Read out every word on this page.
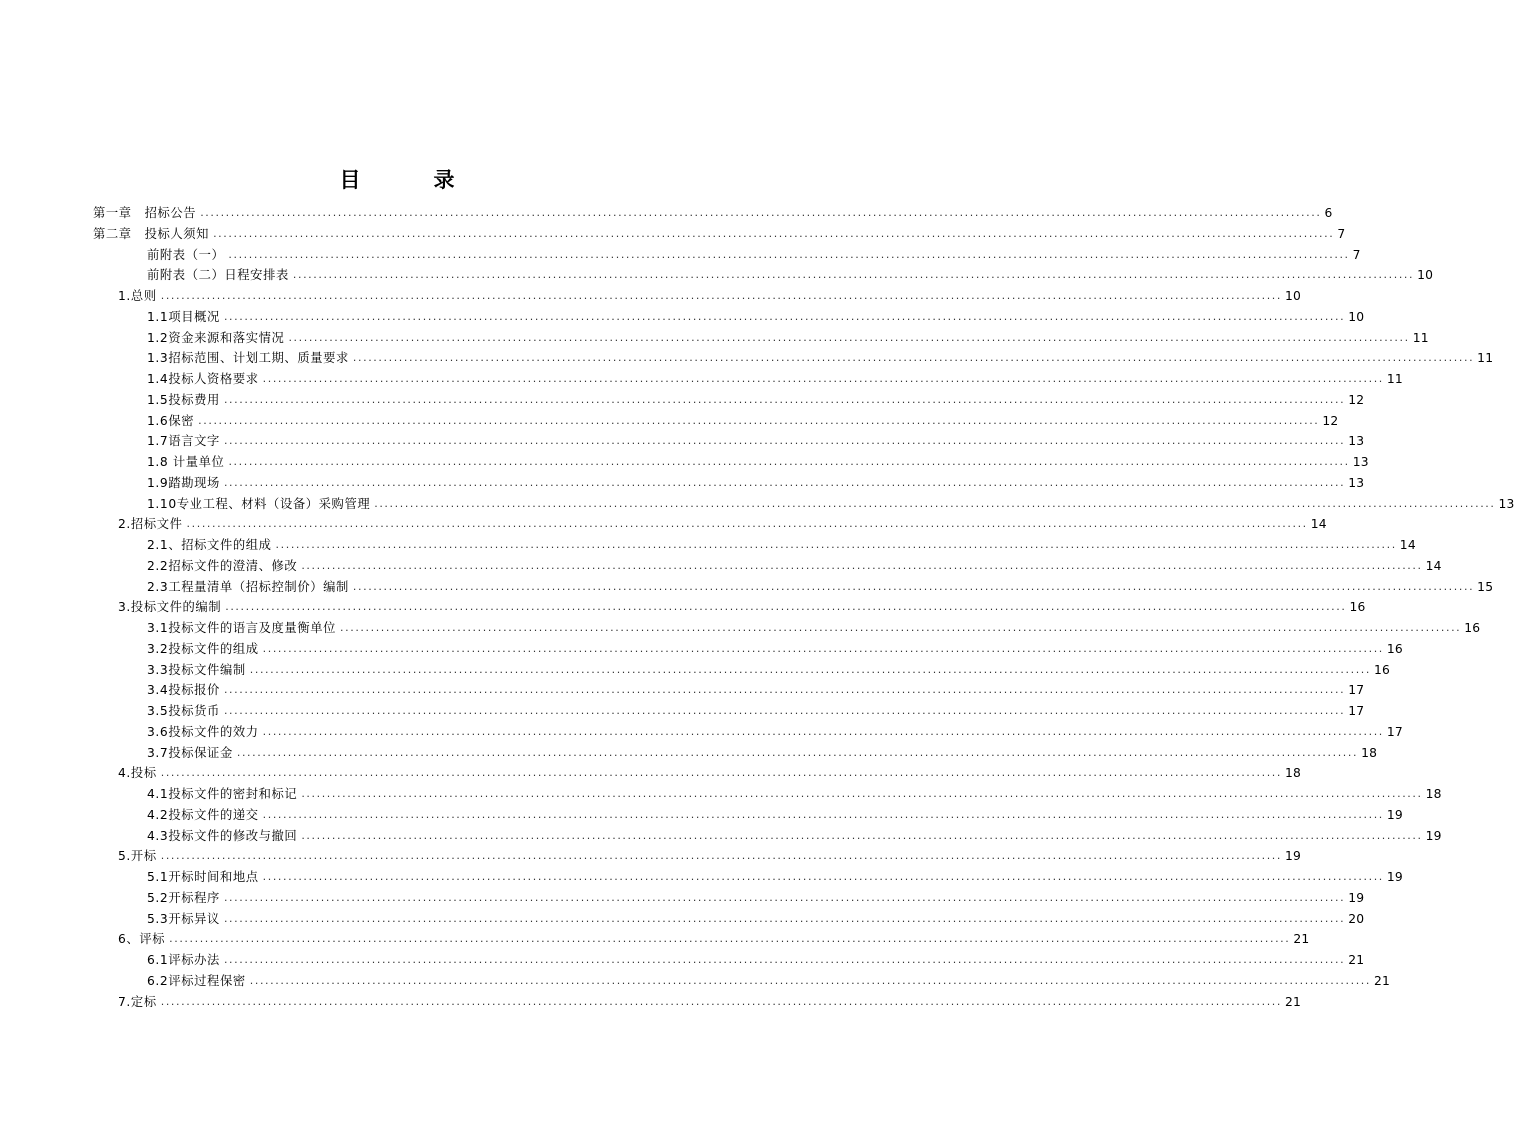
目　录
第一章　招标公告 ............................................................................................................................................................................................................................ 6
第二章　投标人须知 ............................................................................................................................................................................................................................ 7
前附表（一） ............................................................................................................................................................................................................................ 7
前附表（二）日程安排表 ............................................................................................................................................................................................................................ 10
1.总则 ............................................................................................................................................................................................................................ 10
1.1项目概况 ............................................................................................................................................................................................................................ 10
1.2资金来源和落实情况 ............................................................................................................................................................................................................................ 11
1.3招标范围、计划工期、质量要求 ............................................................................................................................................................................................................................ 11
1.4投标人资格要求 ............................................................................................................................................................................................................................ 11
1.5投标费用 ............................................................................................................................................................................................................................ 12
1.6保密 ............................................................................................................................................................................................................................ 12
1.7语言文字 ............................................................................................................................................................................................................................ 13
1.8 计量单位 ............................................................................................................................................................................................................................ 13
1.9踏勘现场 ............................................................................................................................................................................................................................ 13
1.10专业工程、材料（设备）采购管理 ............................................................................................................................................................................................................................ 13
2.招标文件 ............................................................................................................................................................................................................................ 14
2.1、招标文件的组成 ............................................................................................................................................................................................................................ 14
2.2招标文件的澄清、修改 ............................................................................................................................................................................................................................ 14
2.3工程量清单（招标控制价）编制 ............................................................................................................................................................................................................................ 15
3.投标文件的编制 ............................................................................................................................................................................................................................ 16
3.1投标文件的语言及度量衡单位 ............................................................................................................................................................................................................................ 16
3.2投标文件的组成 ............................................................................................................................................................................................................................ 16
3.3投标文件编制 ............................................................................................................................................................................................................................ 16
3.4投标报价 ............................................................................................................................................................................................................................ 17
3.5投标货币 ............................................................................................................................................................................................................................ 17
3.6投标文件的效力 ............................................................................................................................................................................................................................ 17
3.7投标保证金 ............................................................................................................................................................................................................................ 18
4.投标 ............................................................................................................................................................................................................................ 18
4.1投标文件的密封和标记 ............................................................................................................................................................................................................................ 18
4.2投标文件的递交 ............................................................................................................................................................................................................................ 19
4.3投标文件的修改与撤回 ............................................................................................................................................................................................................................ 19
5.开标 ............................................................................................................................................................................................................................ 19
5.1开标时间和地点 ............................................................................................................................................................................................................................ 19
5.2开标程序 ............................................................................................................................................................................................................................ 19
5.3开标异议 ............................................................................................................................................................................................................................ 20
6、评标 ............................................................................................................................................................................................................................ 21
6.1评标办法 ............................................................................................................................................................................................................................ 21
6.2评标过程保密 ............................................................................................................................................................................................................................ 21
7.定标 ............................................................................................................................................................................................................................ 21
